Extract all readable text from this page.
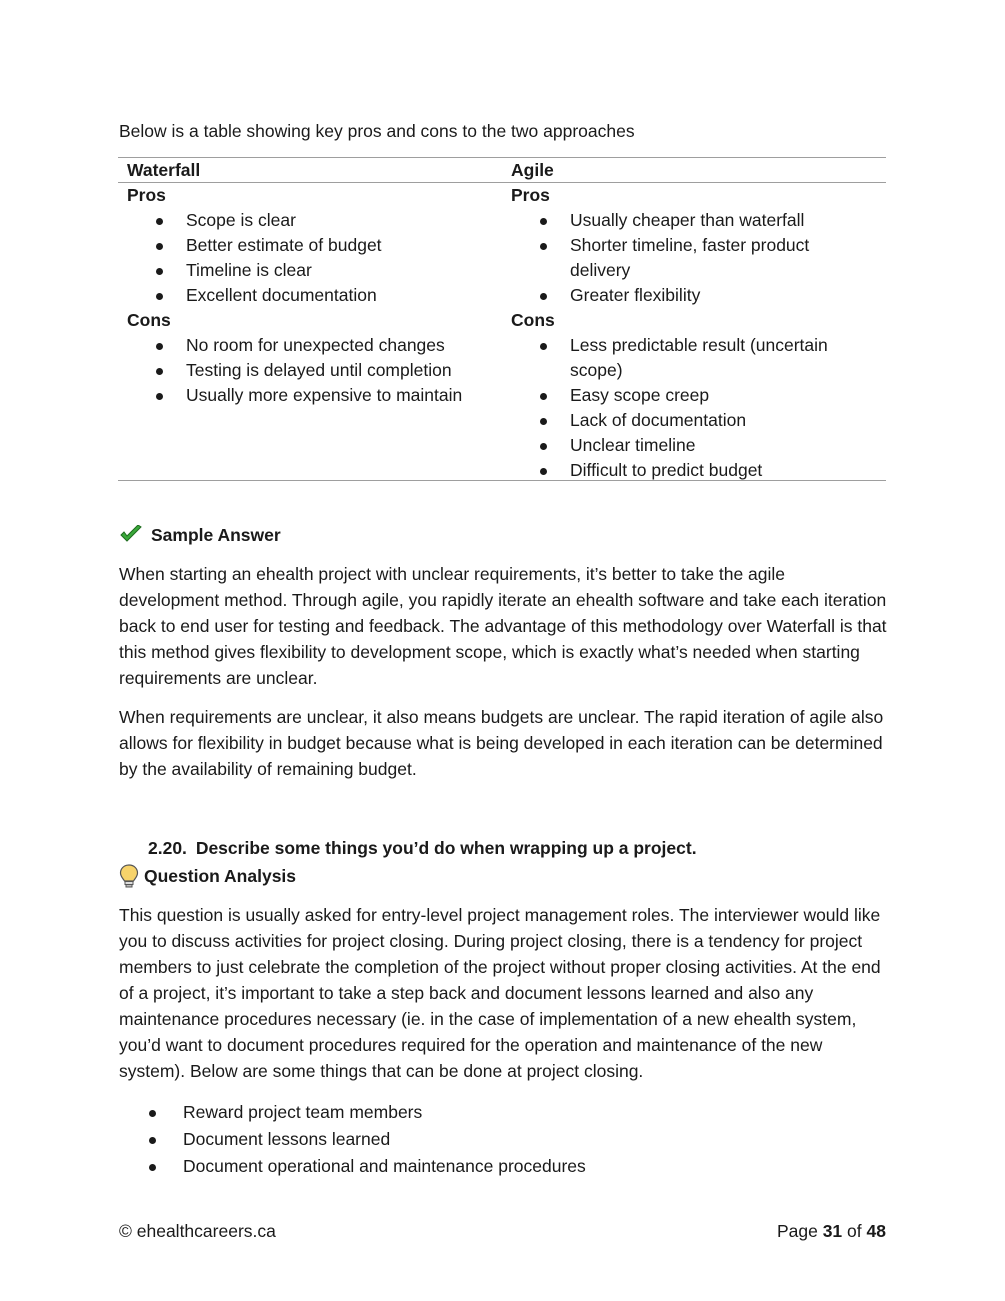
Below is a table showing key pros and cons to the two approaches
Waterfall
Pros
Scope is clear
Better estimate of budget
Timeline is clear
Excellent documentation
Cons
No room for unexpected changes
Testing is delayed until completion
Usually more expensive to maintain
Agile
Pros
Usually cheaper than waterfall
Shorter timeline, faster product
delivery
Greater flexibility
Cons
Less predictable result (uncertain
scope)
Easy scope creep
Lack of documentation
Unclear timeline
Difficult to predict budget
Sample Answer

When starting an ehealth project with unclear requirements, it’s better to take the agile development method. Through agile, you rapidly iterate an ehealth software and take each iteration back to end user for testing and feedback. The advantage of this methodology over Waterfall is that this method gives flexibility to development scope, which is exactly what’s needed when starting requirements are unclear.

When requirements are unclear, it also means budgets are unclear. The rapid iteration of agile also allows for flexibility in budget because what is being developed in each iteration can be determined by the availability of remaining budget.

2.20. Describe some things you’d do when wrapping up a project.
Question Analysis

This question is usually asked for entry-level project management roles. The interviewer would like you to discuss activities for project closing. During project closing, there is a tendency for project members to just celebrate the completion of the project without proper closing activities. At the end of a project, it’s important to take a step back and document lessons learned and also any maintenance procedures necessary (ie. in the case of implementation of a new ehealth system, you’d want to document procedures required for the operation and maintenance of the new system). Below are some things that can be done at project closing.

Reward project team members
Document lessons learned
Document operational and maintenance procedures
© ehealthcareers.ca	Page 31 of 48
